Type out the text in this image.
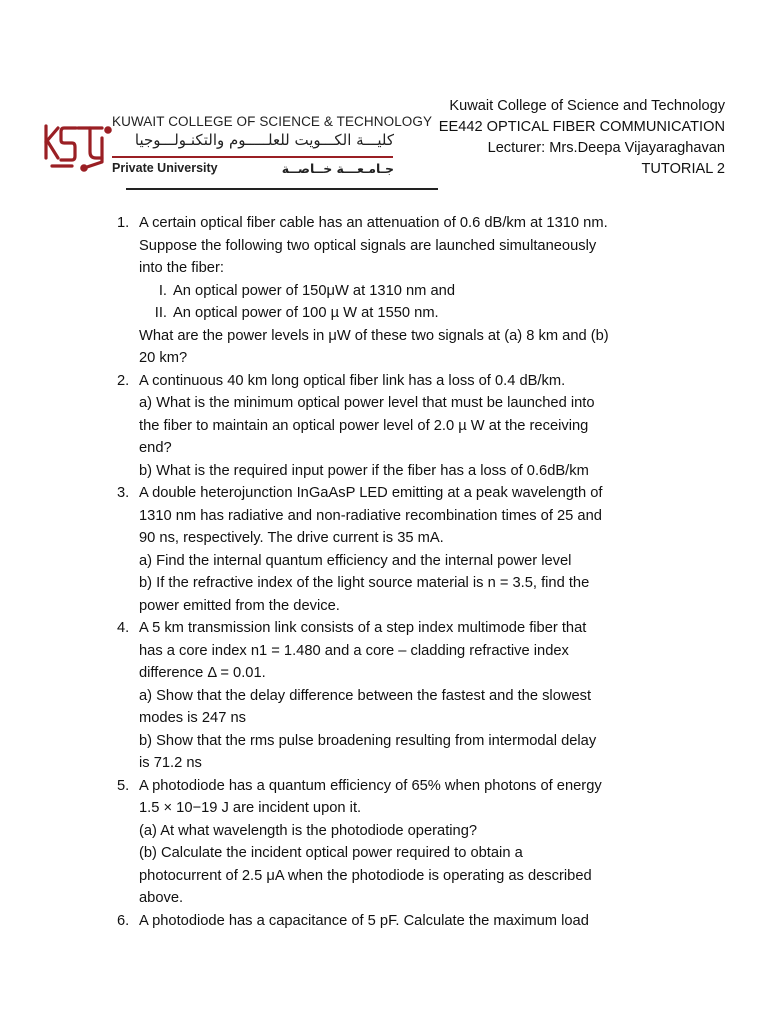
KUWAIT COLLEGE OF SCIENCE & TECHNOLOGY
كليـــة الكـــويت للعلـــــوم والتكنـولـــوجيا
Private University	جـامـعـــة خــاصــة
Kuwait College of Science and Technology
EE442 OPTICAL FIBER COMMUNICATION
Lecturer: Mrs.Deepa Vijayaraghavan
TUTORIAL 2
1. A certain optical fiber cable has an attenuation of 0.6 dB/km at 1310 nm.
Suppose the following two optical signals are launched simultaneously
into the fiber:
I. An optical power of 150μW at 1310 nm and
II. An optical power of 100 µ W at 1550 nm.
What are the power levels in μW of these two signals at (a) 8 km and (b)
20 km?
2. A continuous 40 km long optical fiber link has a loss of 0.4 dB/km.
a) What is the minimum optical power level that must be launched into
the fiber to maintain an optical power level of 2.0 µ W at the receiving
end?
b) What is the required input power if the fiber has a loss of 0.6dB/km
3. A double heterojunction InGaAsP LED emitting at a peak wavelength of
1310 nm has radiative and non-radiative recombination times of 25 and
90 ns, respectively. The drive current is 35 mA.
a) Find the internal quantum efficiency and the internal power level
b) If the refractive index of the light source material is n = 3.5, find the
power emitted from the device.
4. A 5 km transmission link consists of a step index multimode fiber that
has a core index n1 = 1.480 and a core – cladding refractive index
difference Δ = 0.01.
a) Show that the delay difference between the fastest and the slowest
modes is 247 ns
b) Show that the rms pulse broadening resulting from intermodal delay
is 71.2 ns
5. A photodiode has a quantum efficiency of 65% when photons of energy
1.5 × 10−19 J are incident upon it.
(a) At what wavelength is the photodiode operating?
(b) Calculate the incident optical power required to obtain a
photocurrent of 2.5 μA when the photodiode is operating as described
above.
6. A photodiode has a capacitance of 5 pF. Calculate the maximum load
